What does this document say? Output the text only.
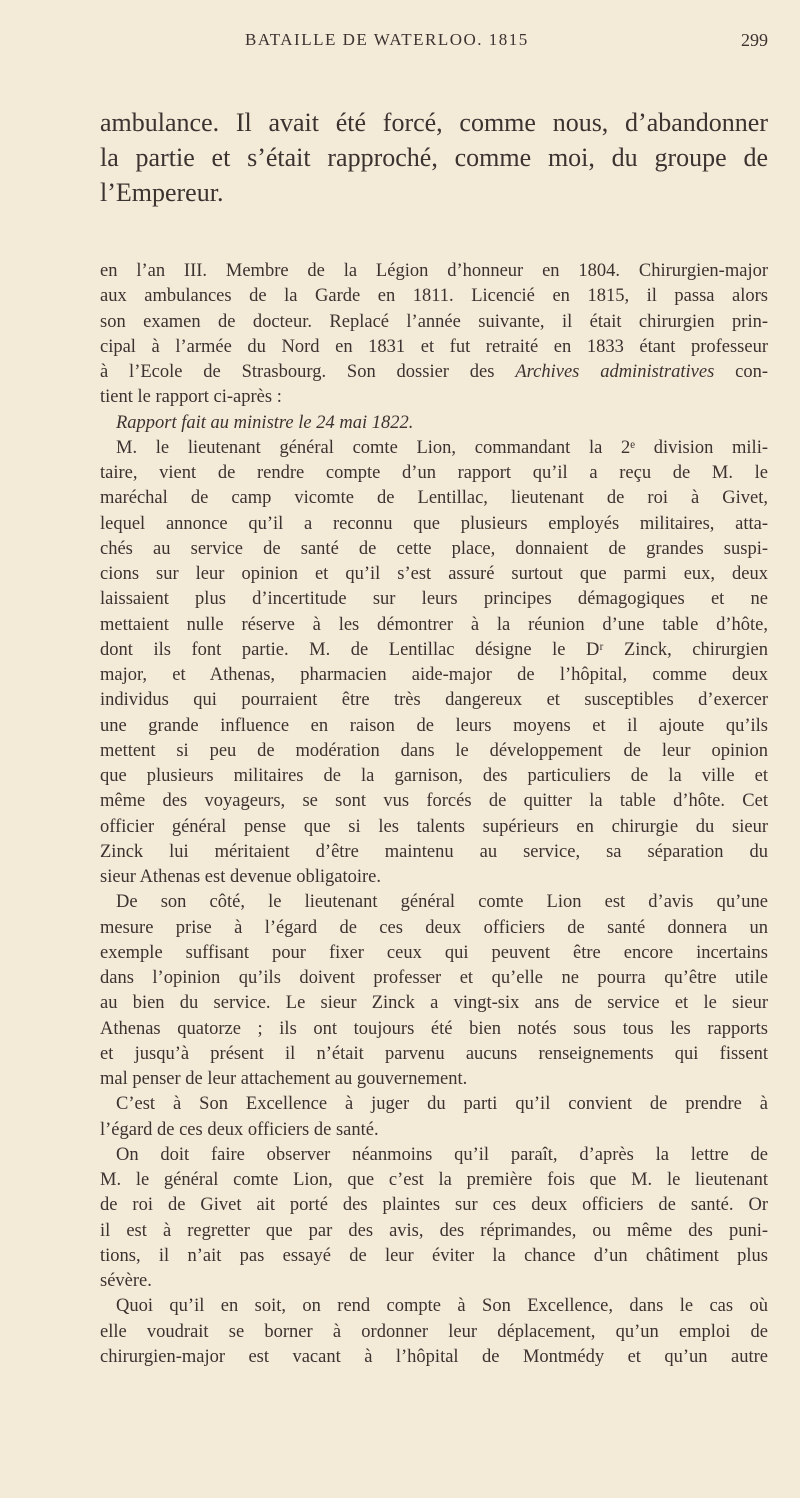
BATAILLE DE WATERLOO. 1815	299
ambulance. Il avait été forcé, comme nous, d’abandonner
la partie et s’était rapproché, comme moi, du groupe de
l’Empereur.
en l’an III. Membre de la Légion d’honneur en 1804. Chirurgien-major
aux ambulances de la Garde en 1811. Licencié en 1815, il passa alors
son examen de docteur. Replacé l’année suivante, il était chirurgien prin-
cipal à l’armée du Nord en 1831 et fut retraité en 1833 étant professeur
à l’Ecole de Strasbourg. Son dossier des Archives administratives con-
tient le rapport ci-après :
Rapport fait au ministre le 24 mai 1822.
M. le lieutenant général comte Lion, commandant la 2ᵉ division mili-
taire, vient de rendre compte d’un rapport qu’il a reçu de M. le
maréchal de camp vicomte de Lentillac, lieutenant de roi à Givet,
lequel annonce qu’il a reconnu que plusieurs employés militaires, atta-
chés au service de santé de cette place, donnaient de grandes suspi-
cions sur leur opinion et qu’il s’est assuré surtout que parmi eux, deux
laissaient plus d’incertitude sur leurs principes démagogiques et ne
mettaient nulle réserve à les démontrer à la réunion d’une table d’hôte,
dont ils font partie. M. de Lentillac désigne le Dʳ Zinck, chirurgien
major, et Athenas, pharmacien aide-major de l’hôpital, comme deux
individus qui pourraient être très dangereux et susceptibles d’exercer
une grande influence en raison de leurs moyens et il ajoute qu’ils
mettent si peu de modération dans le développement de leur opinion
que plusieurs militaires de la garnison, des particuliers de la ville et
même des voyageurs, se sont vus forcés de quitter la table d’hôte. Cet
officier général pense que si les talents supérieurs en chirurgie du sieur
Zinck lui méritaient d’être maintenu au service, sa séparation du
sieur Athenas est devenue obligatoire.
De son côté, le lieutenant général comte Lion est d’avis qu’une
mesure prise à l’égard de ces deux officiers de santé donnera un
exemple suffisant pour fixer ceux qui peuvent être encore incertains
dans l’opinion qu’ils doivent professer et qu’elle ne pourra qu’être utile
au bien du service. Le sieur Zinck a vingt-six ans de service et le sieur
Athenas quatorze ; ils ont toujours été bien notés sous tous les rapports
et jusqu’à présent il n’était parvenu aucuns renseignements qui fissent
mal penser de leur attachement au gouvernement.
C’est à Son Excellence à juger du parti qu’il convient de prendre à
l’égard de ces deux officiers de santé.
On doit faire observer néanmoins qu’il paraît, d’après la lettre de
M. le général comte Lion, que c’est la première fois que M. le lieutenant
de roi de Givet ait porté des plaintes sur ces deux officiers de santé. Or
il est à regretter que par des avis, des réprimandes, ou même des puni-
tions, il n’ait pas essayé de leur éviter la chance d’un châtiment plus
sévère.
Quoi qu’il en soit, on rend compte à Son Excellence, dans le cas où
elle voudrait se borner à ordonner leur déplacement, qu’un emploi de
chirurgien-major est vacant à l’hôpital de Montmédy et qu’un autre
